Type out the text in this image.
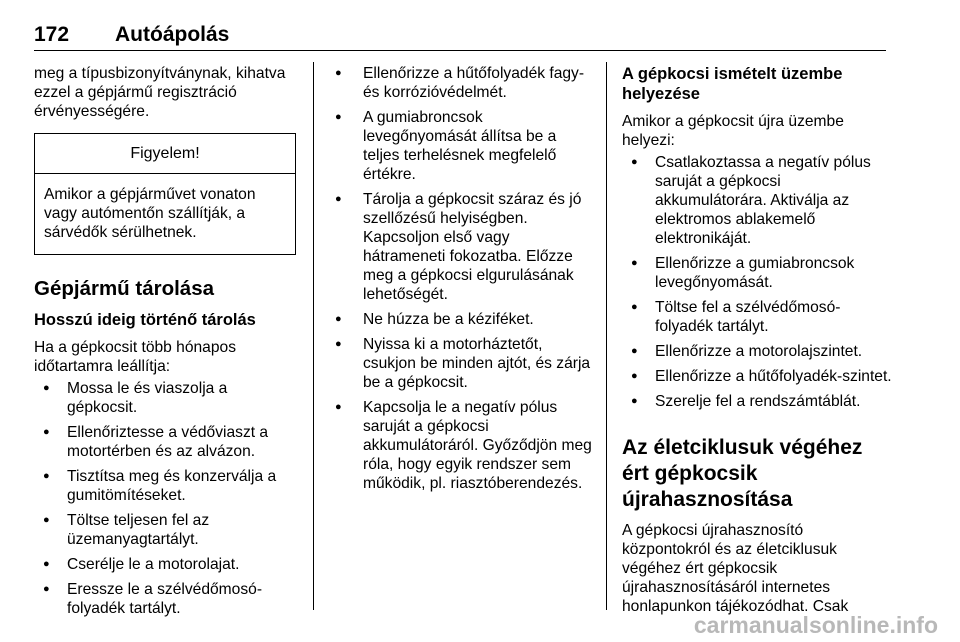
172 Autóápolás

meg a típusbizonyítványnak, kihatva ezzel a gépjármű regisztráció érvényességére.

Figyelem!
Amikor a gépjárművet vonaton vagy autómentőn szállítják, a sárvédők sérülhetnek.
Gépjármű tárolása
Hosszú ideig történő tárolás

Ha a gépkocsit több hónapos időtartamra leállítja:

● Mossa le és viaszolja a gépkocsit.
● Ellenőriztesse a védőviaszt a motortérben és az alvázon.
● Tisztítsa meg és konzerválja a gumitömítéseket.
● Töltse teljesen fel az üzemanyagtartályt.
● Cserélje le a motorolajat.
● Eressze le a szélvédőmosó-folyadék tartályt.
● Ellenőrizze a hűtőfolyadék fagy- és korrózióvédelmét.
● A gumiabroncsok levegőnyomását állítsa be a teljes terhelésnek megfelelő értékre.
● Tárolja a gépkocsit száraz és jó szellőzésű helyiségben. Kapcsoljon első vagy hátrameneti fokozatba. Előzze meg a gépkocsi elgurulásának lehetőségét.
● Ne húzza be a kéziféket.
● Nyissa ki a motorháztetőt, csukjon be minden ajtót, és zárja be a gépkocsit.
● Kapcsolja le a negatív pólus saruját a gépkocsi akkumulátoráról. Győződjön meg róla, hogy egyik rendszer sem működik, pl. riasztóberendezés.
A gépkocsi ismételt üzembe helyezése

Amikor a gépkocsit újra üzembe helyezi:

● Csatlakoztassa a negatív pólus saruját a gépkocsi akkumulátorára. Aktiválja az elektromos ablakemelő elektronikáját.
● Ellenőrizze a gumiabroncsok levegőnyomását.
● Töltse fel a szélvédőmosó-folyadék tartályt.
● Ellenőrizze a motorolajszintet.
● Ellenőrizze a hűtőfolyadék-szintet.
● Szerelje fel a rendszámtáblát.
Az életciklusuk végéhez ért gépkocsik újrahasznosítása

A gépkocsi újrahasznosító központokról és az életciklusuk végéhez ért gépkocsik újrahasznosításáról internetes honlapunkon tájékozódhat. Csak

carmanualsonline.info
